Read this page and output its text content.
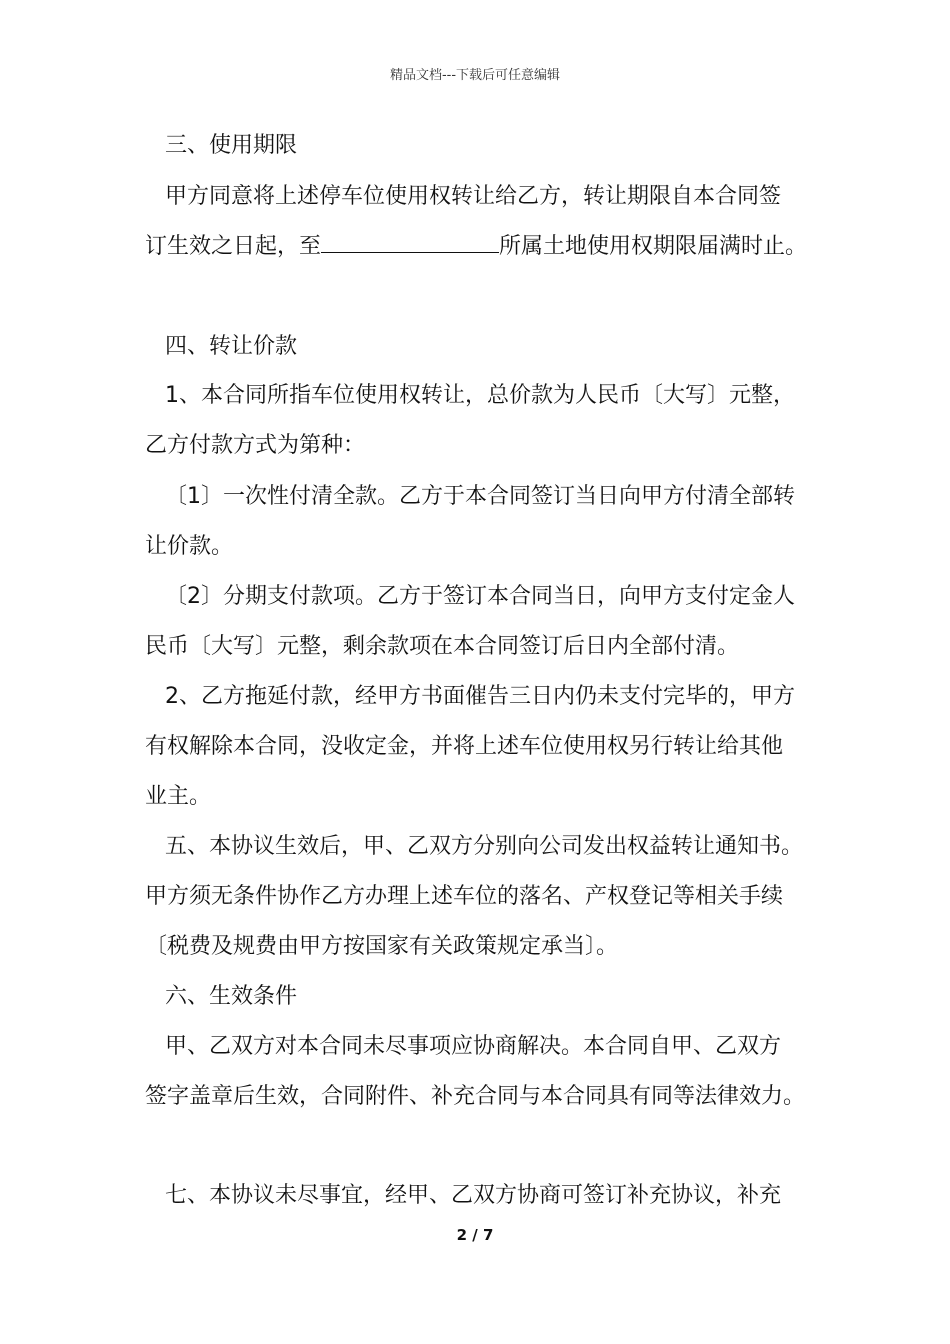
精品文档---下载后可任意编辑
三、使用期限
甲方同意将上述停车位使用权转让给乙方，转让期限自本合同签
订生效之日起，至	所属土地使用权期限届满时止。
四、转让价款
1、本合同所指车位使用权转让，总价款为人民币〔大写〕元整，
乙方付款方式为第种：
〔1〕一次性付清全款。乙方于本合同签订当日向甲方付清全部转
让价款。
〔2〕分期支付款项。乙方于签订本合同当日，向甲方支付定金人
民币〔大写〕元整，剩余款项在本合同签订后日内全部付清。
2、乙方拖延付款，经甲方书面催告三日内仍未支付完毕的，甲方
有权解除本合同，没收定金，并将上述车位使用权另行转让给其他
业主。
五、本协议生效后，甲、乙双方分别向公司发出权益转让通知书。
甲方须无条件协作乙方办理上述车位的落名、产权登记等相关手续
〔税费及规费由甲方按国家有关政策规定承当〕。
六、生效条件
甲、乙双方对本合同未尽事项应协商解决。本合同自甲、乙双方
签字盖章后生效，合同附件、补充合同与本合同具有同等法律效力。
七、本协议未尽事宜，经甲、乙双方协商可签订补充协议，补充
2 / 7
